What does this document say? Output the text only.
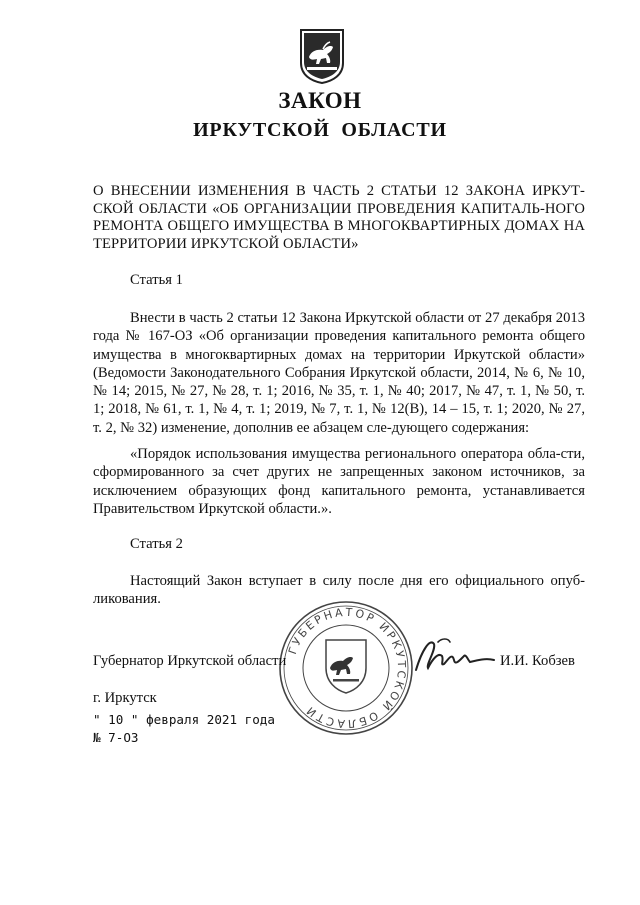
ЗАКОН
ИРКУТСКОЙ  ОБЛАСТИ
О ВНЕСЕНИИ ИЗМЕНЕНИЯ В ЧАСТЬ 2 СТАТЬИ 12 ЗАКОНА ИРКУТ-СКОЙ ОБЛАСТИ «ОБ ОРГАНИЗАЦИИ ПРОВЕДЕНИЯ КАПИТАЛЬ-НОГО РЕМОНТА ОБЩЕГО ИМУЩЕСТВА В МНОГОКВАРТИРНЫХ ДОМАХ НА ТЕРРИТОРИИ ИРКУТСКОЙ ОБЛАСТИ»
Статья 1
Внести в часть 2 статьи 12 Закона Иркутской области от 27 декабря 2013 года № 167-ОЗ «Об организации проведения капитального ремонта общего имущества в многоквартирных домах на территории Иркутской области» (Ведомости Законодательного Собрания Иркутской области, 2014, № 6, № 10, № 14; 2015, № 27, № 28, т. 1; 2016, № 35, т. 1, № 40; 2017, № 47, т. 1, № 50, т. 1; 2018, № 61, т. 1, № 4, т. 1; 2019, № 7, т. 1, № 12(В), 14 – 15, т. 1; 2020, № 27, т. 2, № 32) изменение, дополнив ее абзацем сле-дующего содержания:
«Порядок использования имущества регионального оператора обла-сти, сформированного за счет других не запрещенных законом источников, за исключением образующих фонд капитального ремонта, устанавливается Правительством Иркутской области.».
Статья 2
Настоящий Закон вступает в силу после дня его официального опуб-ликования.
ГУБЕРНАТОР ИРКУТСКОЙ ОБЛАСТИ
Губернатор Иркутской области	И.И. Кобзев
г. Иркутск
" 10 " февраля 2021 года
№ 7-ОЗ
